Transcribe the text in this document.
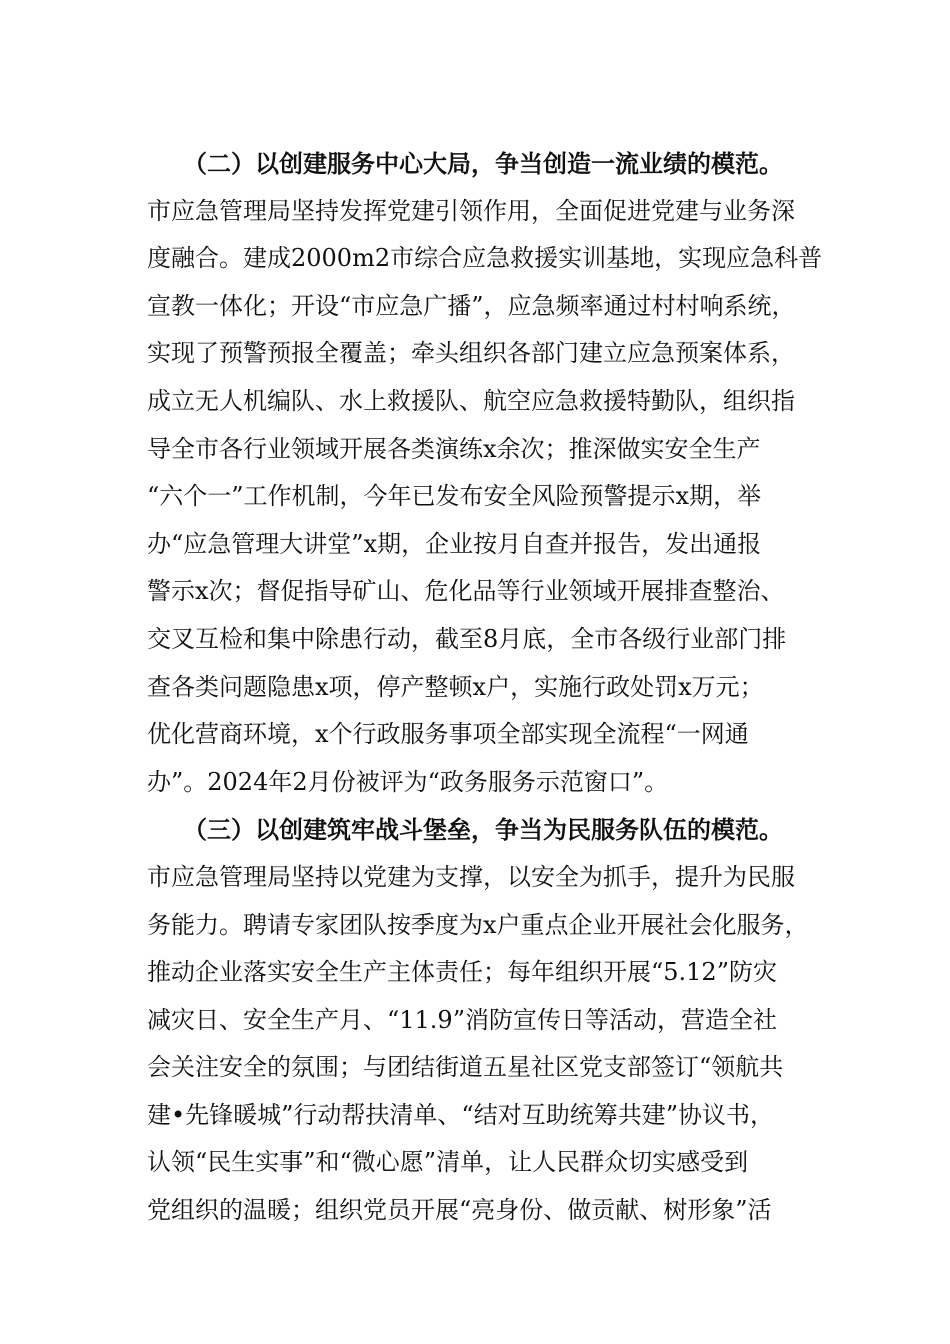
（二）以创建服务中心大局，争当创造一流业绩的模范。
市应急管理局坚持发挥党建引领作用，全面促进党建与业务深
度融合。建成2000m2市综合应急救援实训基地，实现应急科普
宣教一体化；开设“市应急广播”，应急频率通过村村响系统，
实现了预警预报全覆盖；牵头组织各部门建立应急预案体系，
成立无人机编队、水上救援队、航空应急救援特勤队，组织指
导全市各行业领域开展各类演练x余次；推深做实安全生产
“六个一”工作机制，今年已发布安全风险预警提示x期，举
办“应急管理大讲堂”x期，企业按月自查并报告，发出通报
警示x次；督促指导矿山、危化品等行业领域开展排查整治、
交叉互检和集中除患行动，截至8月底，全市各级行业部门排
查各类问题隐患x项，停产整顿x户，实施行政处罚x万元；
优化营商环境，x个行政服务事项全部实现全流程“一网通
办”。2024年2月份被评为“政务服务示范窗口”。
（三）以创建筑牢战斗堡垒，争当为民服务队伍的模范。
市应急管理局坚持以党建为支撑，以安全为抓手，提升为民服
务能力。聘请专家团队按季度为x户重点企业开展社会化服务，
推动企业落实安全生产主体责任；每年组织开展“5.12”防灾
减灾日、安全生产月、“11.9”消防宣传日等活动，营造全社
会关注安全的氛围；与团结街道五星社区党支部签订“领航共
建•先锋暖城”行动帮扶清单、“结对互助统筹共建”协议书，
认领“民生实事”和“微心愿”清单，让人民群众切实感受到
党组织的温暖；组织党员开展“亮身份、做贡献、树形象”活
